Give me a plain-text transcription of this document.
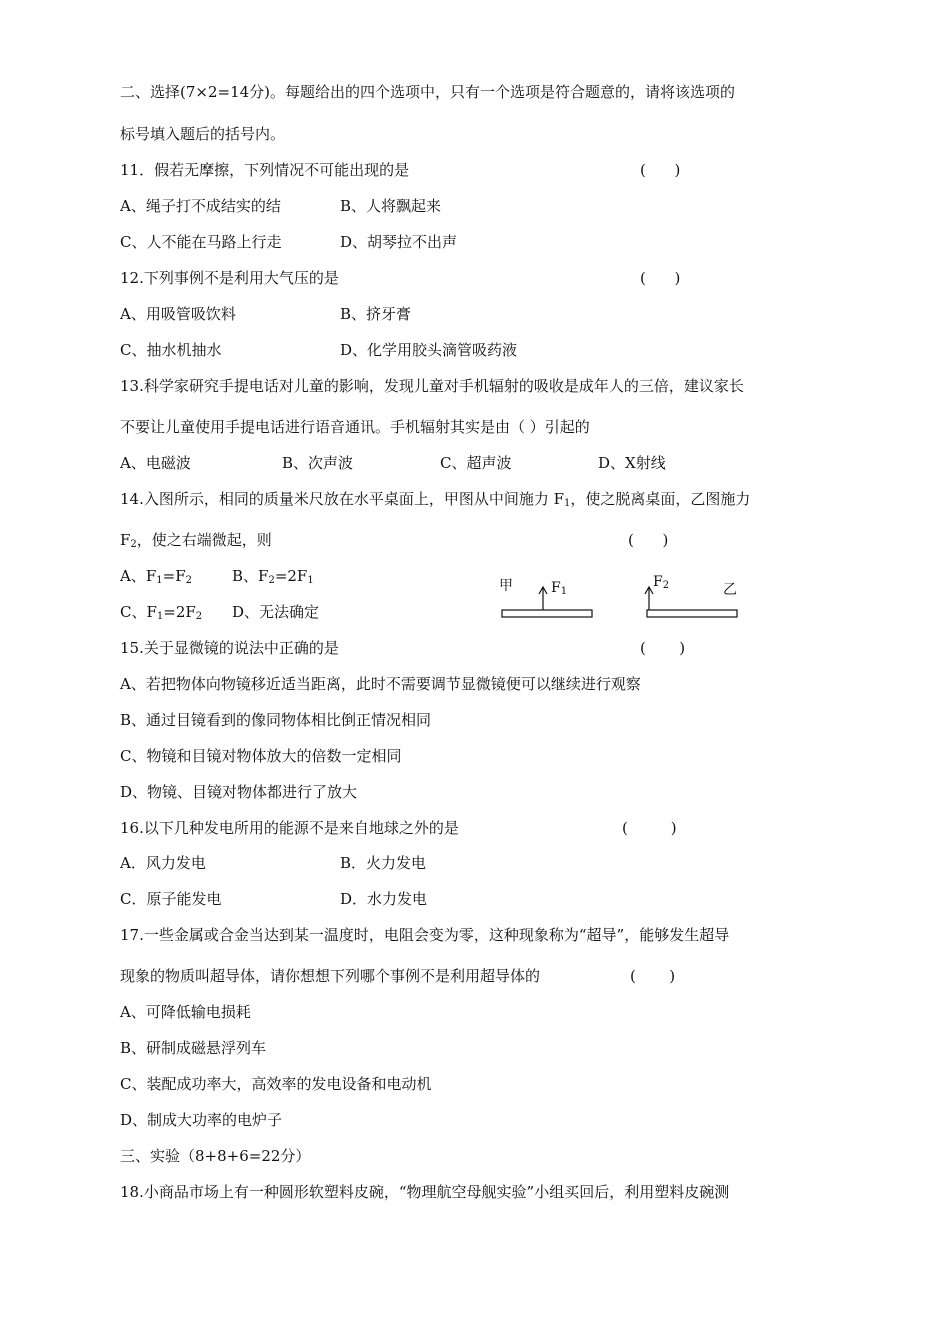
二、选择(7×2=14分)。每题给出的四个选项中，只有一个选项是符合题意的，请将该选项的
标号填入题后的括号内。
11．假若无摩擦，下列情况不可能出现的是	(      )
A、绳子打不成结实的结	B、人将飘起来
C、人不能在马路上行走	D、胡琴拉不出声
12.下列事例不是利用大气压的是	(      )
A、用吸管吸饮料	B、挤牙膏
C、抽水机抽水	D、化学用胶头滴管吸药液
13.科学家研究手提电话对儿童的影响，发现儿童对手机辐射的吸收是成年人的三倍，建议家长
不要让儿童使用手提电话进行语音通讯。手机辐射其实是由（ ）引起的
A、电磁波	B、次声波	C、超声波	D、X射线
14.入图所示，相同的质量米尺放在水平桌面上，甲图从中间施力 $F_1$，使之脱离桌面，乙图施力
$F_2$，使之右端微起，则	(      )
A、$F_1=F_2$	B、$F_2=2F_1$
C、$F_1=2F_2$ D、无法确定
甲	$F_1$
$F_2$	乙
15.关于显微镜的说法中正确的是	(       )
A、若把物体向物镜移近适当距离，此时不需要调节显微镜便可以继续进行观察
B、通过目镜看到的像同物体相比倒正情况相同
C、物镜和目镜对物体放大的倍数一定相同
D、物镜、目镜对物体都进行了放大
16.以下几种发电所用的能源不是来自地球之外的是	(         )
A．风力发电	B．火力发电
C．原子能发电	D．水力发电
17.一些金属或合金当达到某一温度时，电阻会变为零，这种现象称为“超导”，能够发生超导
现象的物质叫超导体，请你想想下列哪个事例不是利用超导体的	(       )
A、可降低输电损耗
B、研制成磁悬浮列车
C、装配成功率大，高效率的发电设备和电动机
D、制成大功率的电炉子
三、实验（8+8+6=22分）
18.小商品市场上有一种圆形软塑料皮碗，“物理航空母舰实验”小组买回后，利用塑料皮碗测
